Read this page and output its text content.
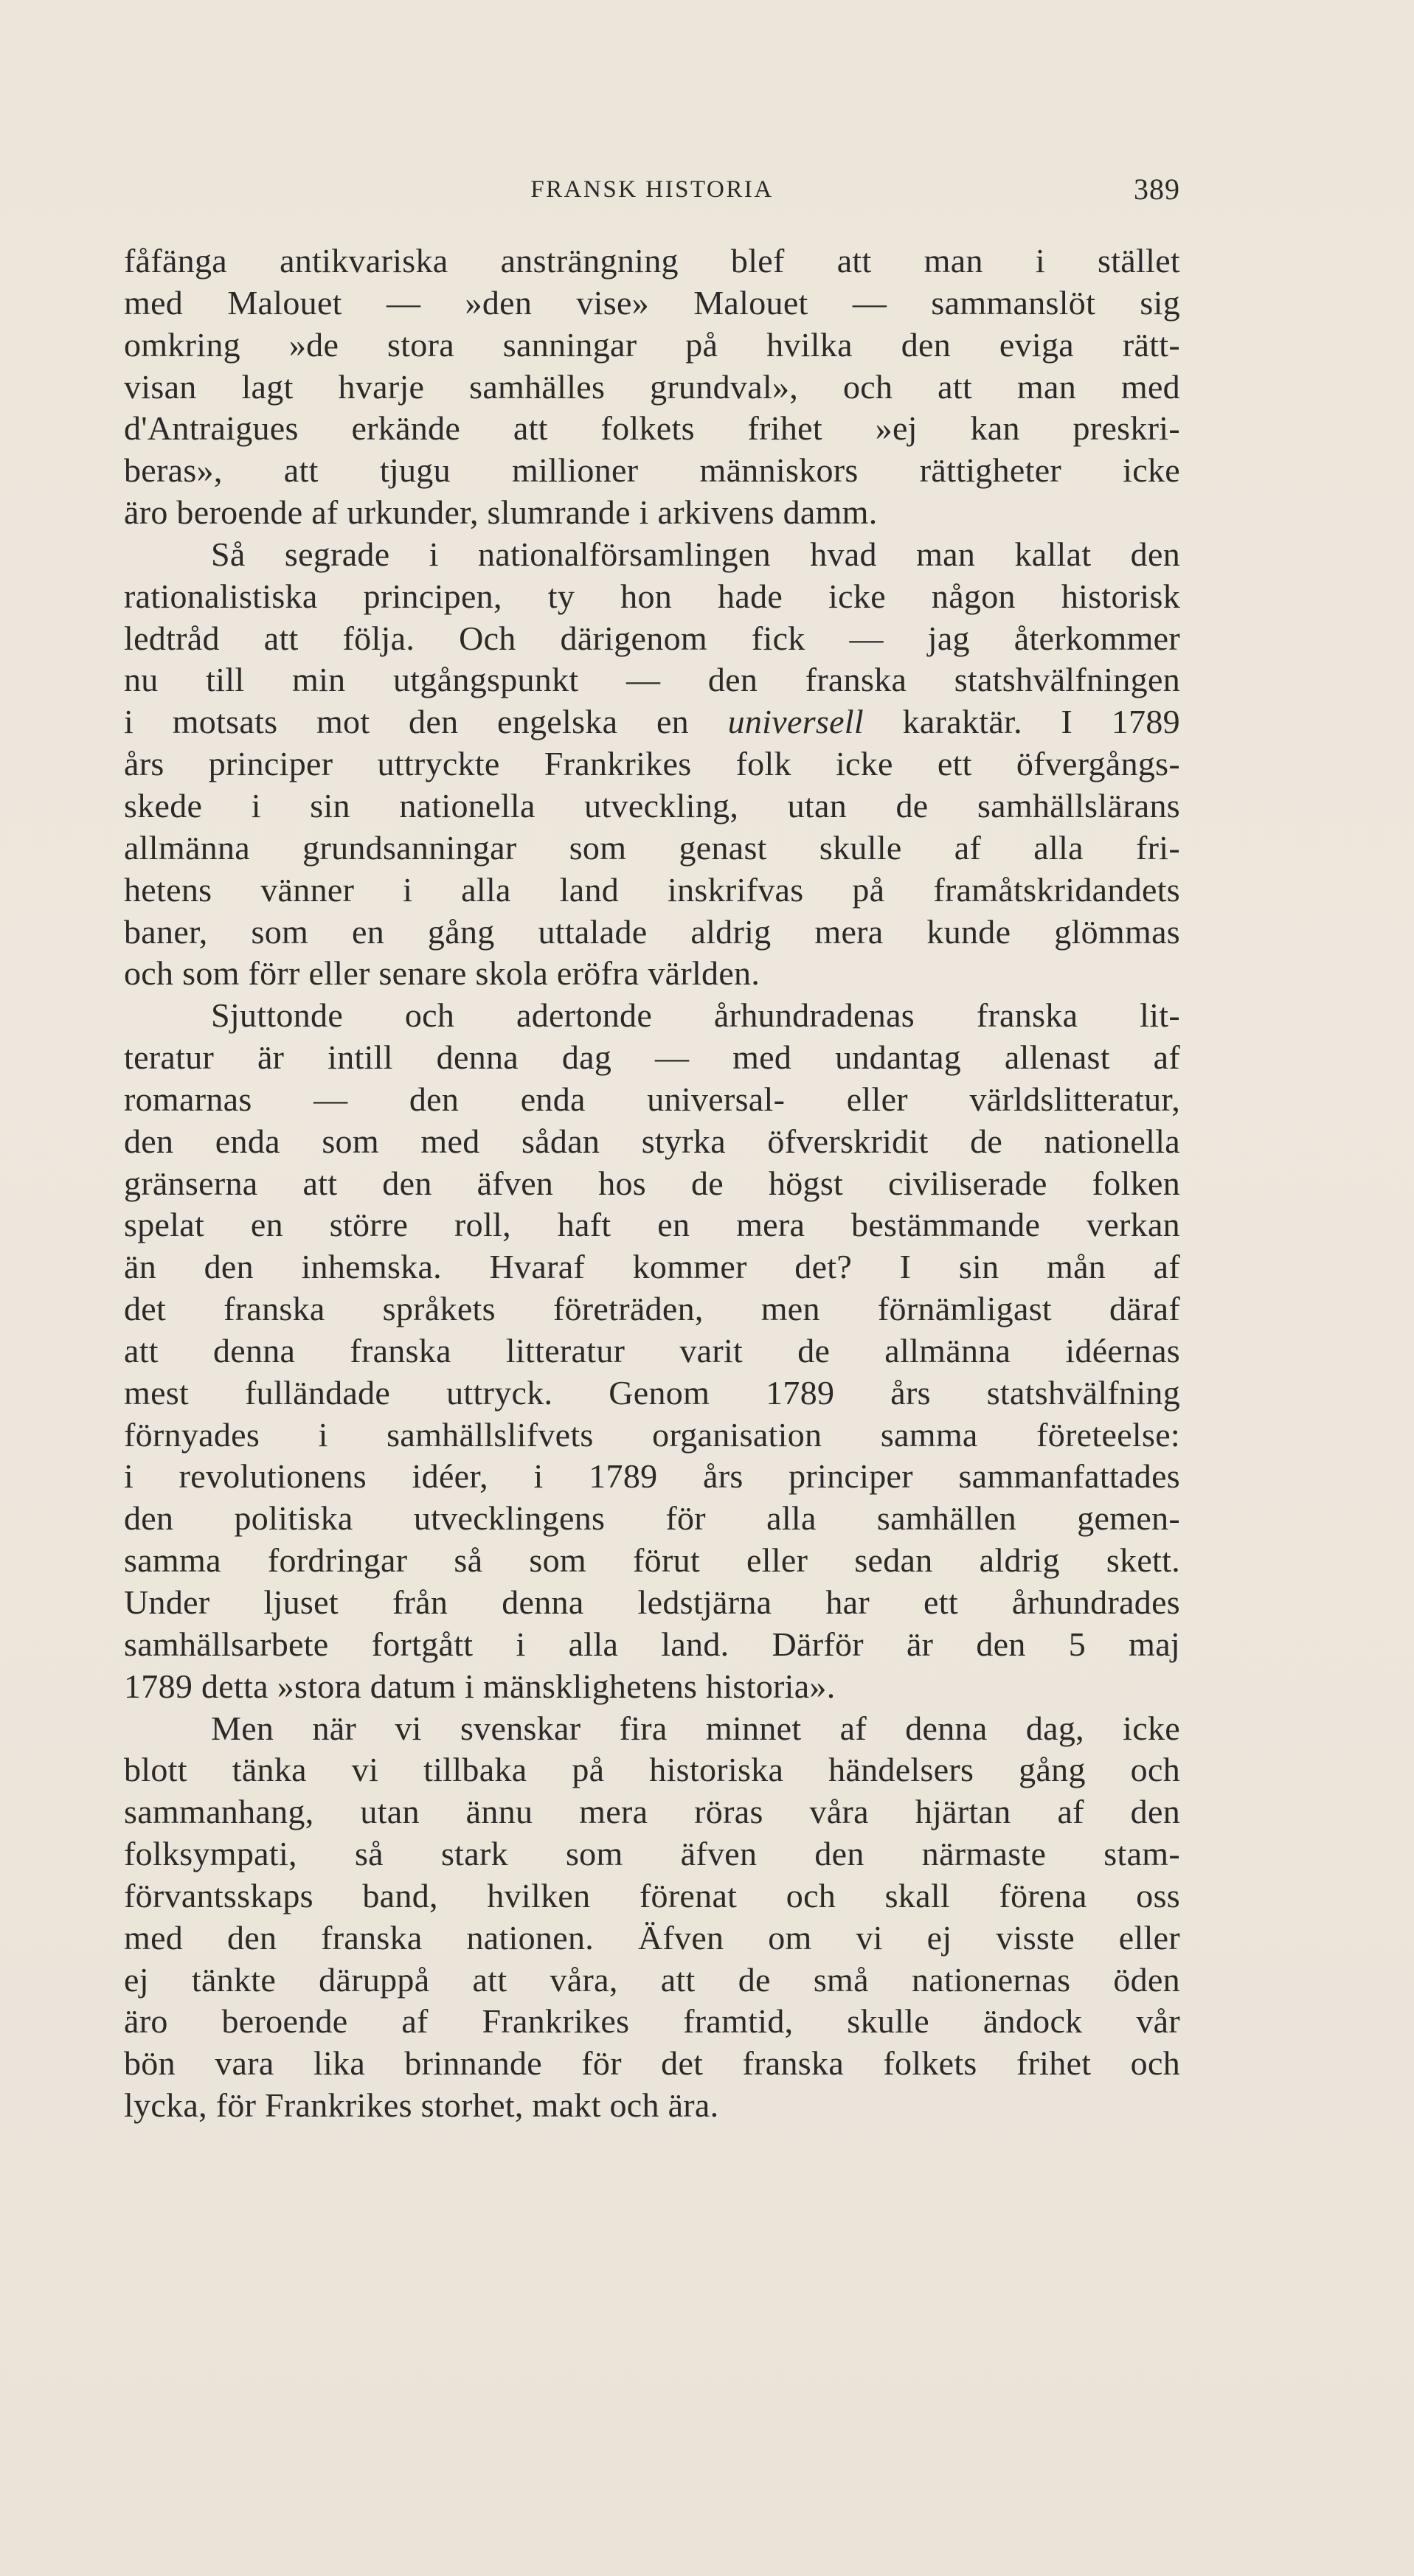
FRANSK HISTORIA	389
fåfänga antikvariska ansträngning blef att man i stället
med Malouet — »den vise» Malouet — sammanslöt sig
omkring »de stora sanningar på hvilka den eviga rätt-
visan lagt hvarje samhälles grundval», och att man med
d'Antraigues erkände att folkets frihet »ej kan preskri-
beras», att tjugu millioner människors rättigheter icke
äro beroende af urkunder, slumrande i arkivens damm.
Så segrade i nationalförsamlingen hvad man kallat den
rationalistiska principen, ty hon hade icke någon historisk
ledtråd att följa. Och därigenom fick — jag återkommer
nu till min utgångspunkt — den franska statshvälfningen
i motsats mot den engelska en universell karaktär. I 1789
års principer uttryckte Frankrikes folk icke ett öfvergångs-
skede i sin nationella utveckling, utan de samhällslärans
allmänna grundsanningar som genast skulle af alla fri-
hetens vänner i alla land inskrifvas på framåtskridandets
baner, som en gång uttalade aldrig mera kunde glömmas
och som förr eller senare skola eröfra världen.
Sjuttonde och adertonde århundradenas franska lit-
teratur är intill denna dag — med undantag allenast af
romarnas — den enda universal- eller världslitteratur,
den enda som med sådan styrka öfverskridit de nationella
gränserna att den äfven hos de högst civiliserade folken
spelat en större roll, haft en mera bestämmande verkan
än den inhemska. Hvaraf kommer det? I sin mån af
det franska språkets företräden, men förnämligast däraf
att denna franska litteratur varit de allmänna idéernas
mest fulländade uttryck. Genom 1789 års statshvälfning
förnyades i samhällslifvets organisation samma företeelse:
i revolutionens idéer, i 1789 års principer sammanfattades
den politiska utvecklingens för alla samhällen gemen-
samma fordringar så som förut eller sedan aldrig skett.
Under ljuset från denna ledstjärna har ett århundrades
samhällsarbete fortgått i alla land. Därför är den 5 maj
1789 detta »stora datum i mänsklighetens historia».
Men när vi svenskar fira minnet af denna dag, icke
blott tänka vi tillbaka på historiska händelsers gång och
sammanhang, utan ännu mera röras våra hjärtan af den
folksympati, så stark som äfven den närmaste stam-
förvantsskaps band, hvilken förenat och skall förena oss
med den franska nationen. Äfven om vi ej visste eller
ej tänkte däruppå att våra, att de små nationernas öden
äro beroende af Frankrikes framtid, skulle ändock vår
bön vara lika brinnande för det franska folkets frihet och
lycka, för Frankrikes storhet, makt och ära.
